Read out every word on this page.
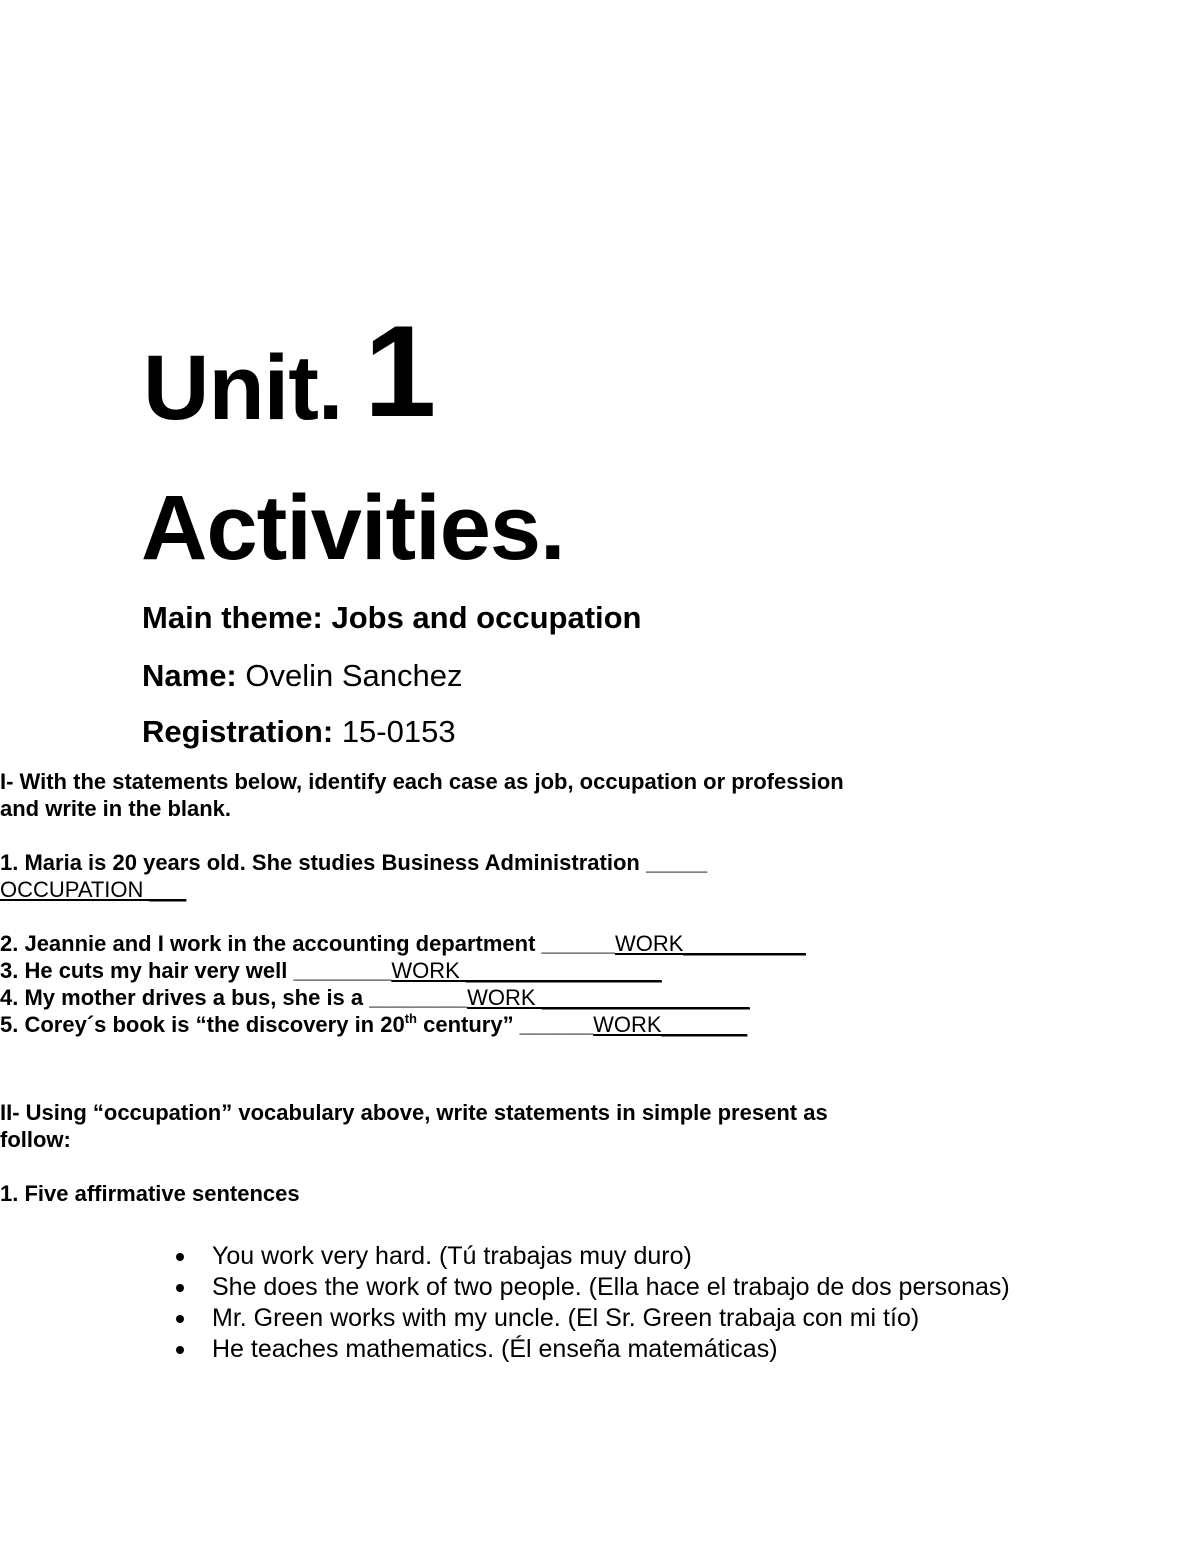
Unit. 1
Activities.
Main theme: Jobs and occupation
Name: Ovelin Sanchez
Registration: 15-0153
I- With the statements below, identify each case as job, occupation or profession
and write in the blank.
1. Maria is 20 years old. She studies Business Administration _____
OCCUPATION ___
2. Jeannie and I work in the accounting department ______WORK__________
3. He cuts my hair very well ________WORK ________________
4. My mother drives a bus, she is a ________WORK _________________
5. Corey´s book is “the discovery in 20th century” ______WORK_______
II- Using “occupation” vocabulary above, write statements in simple present as
follow:
1. Five affirmative sentences
You work very hard. (Tú trabajas muy duro)
She does the work of two people. (Ella hace el trabajo de dos personas)
Mr. Green works with my uncle. (El Sr. Green trabaja con mi tío)
He teaches mathematics. (Él enseña matemáticas)
